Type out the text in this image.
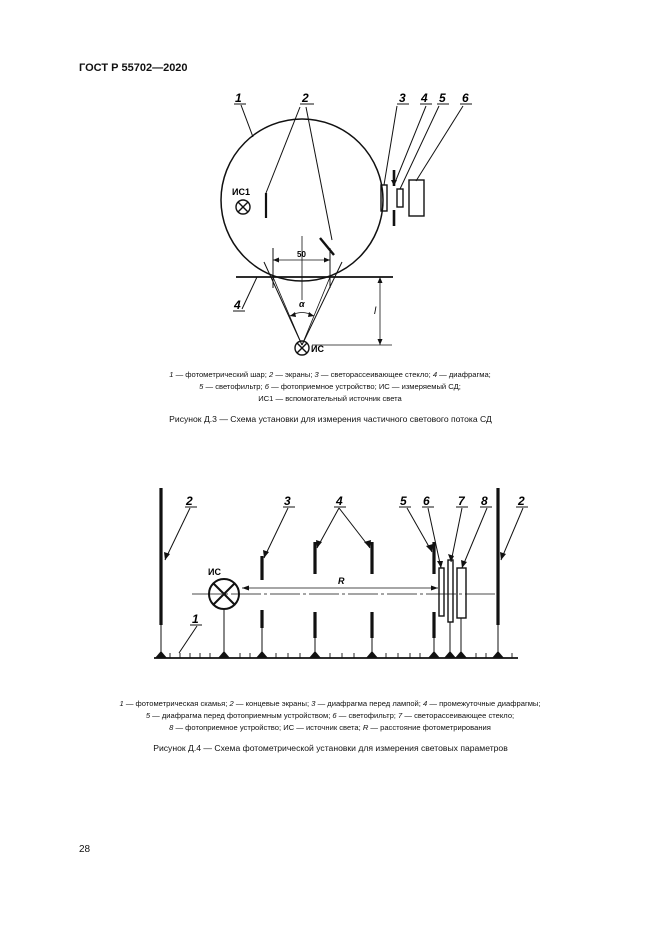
ГОСТ Р 55702—2020
1	2	3 4 5 6
4
ИС1
ИС
50
α
l
1 — фотометрический шар; 2 — экраны; 3 — светорассеивающее стекло; 4 — диафрагма;
5 — светофильтр; 6 — фотоприемное устройство; ИС — измеряемый СД;
ИС1 — вспомогательный источник света
Рисунок Д.3 — Схема установки для измерения частичного светового потока СД
2	3	4	5 6 7 8	2
1
ИС
R
1 — фотометрическая скамья; 2 — концевые экраны; 3 — диафрагма перед лампой; 4 — промежуточные диафрагмы;
5 — диафрагма перед фотоприемным устройством; 6 — светофильтр; 7 — светорассеивающее стекло;
8 — фотоприемное устройство; ИС — источник света; R — расстояние фотометрирования
Рисунок Д.4 — Схема фотометрической установки для измерения световых параметров
28
